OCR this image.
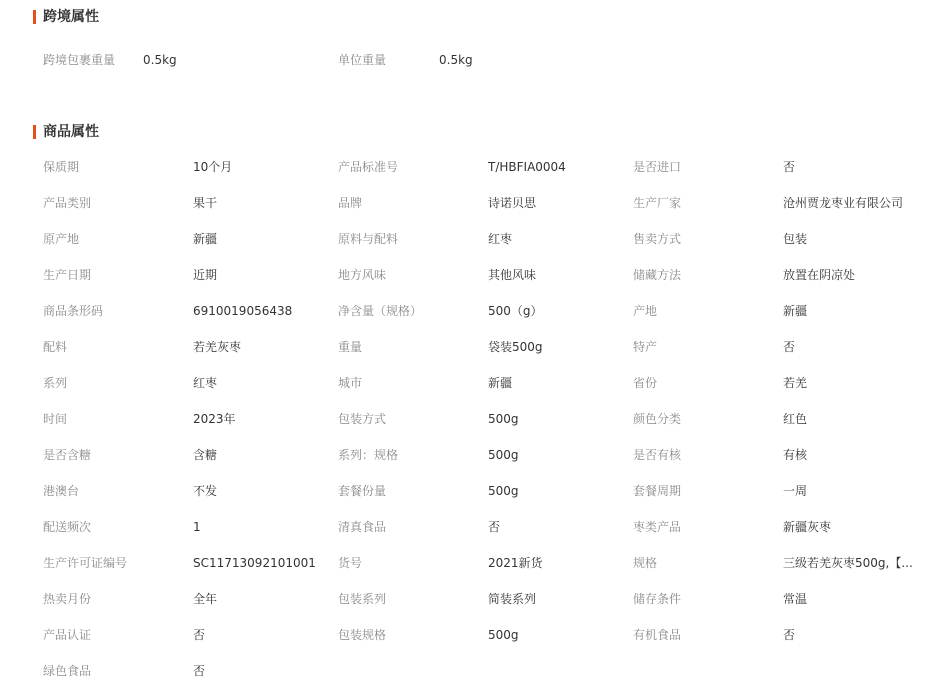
跨境属性
跨境包裹重量	0.5kg	单位重量	0.5kg
商品属性
保质期	10个月	产品标准号	T/HBFIA0004	是否进口	否
产品类别	果干	品牌	诗诺贝思	生产厂家	沧州贾龙枣业有限公司
原产地	新疆	原料与配料	红枣	售卖方式	包装
生产日期	近期	地方风味	其他风味	储藏方法	放置在阴凉处
商品条形码	6910019056438	净含量（规格）	500（g）	产地	新疆
配料	若羌灰枣	重量	袋装500g	特产	否
系列	红枣	城市	新疆	省份	若羌
时间	2023年	包装方式	500g	颜色分类	红色
是否含糖	含糖	系列：规格	500g	是否有核	有核
港澳台	不发	套餐份量	500g	套餐周期	一周
配送频次	1	清真食品	否	枣类产品	新疆灰枣
生产许可证编号	SC11713092101001	货号	2021新货	规格	三级若羌灰枣500g,【...
热卖月份	全年	包装系列	简装系列	储存条件	常温
产品认证	否	包装规格	500g	有机食品	否
绿色食品	否
